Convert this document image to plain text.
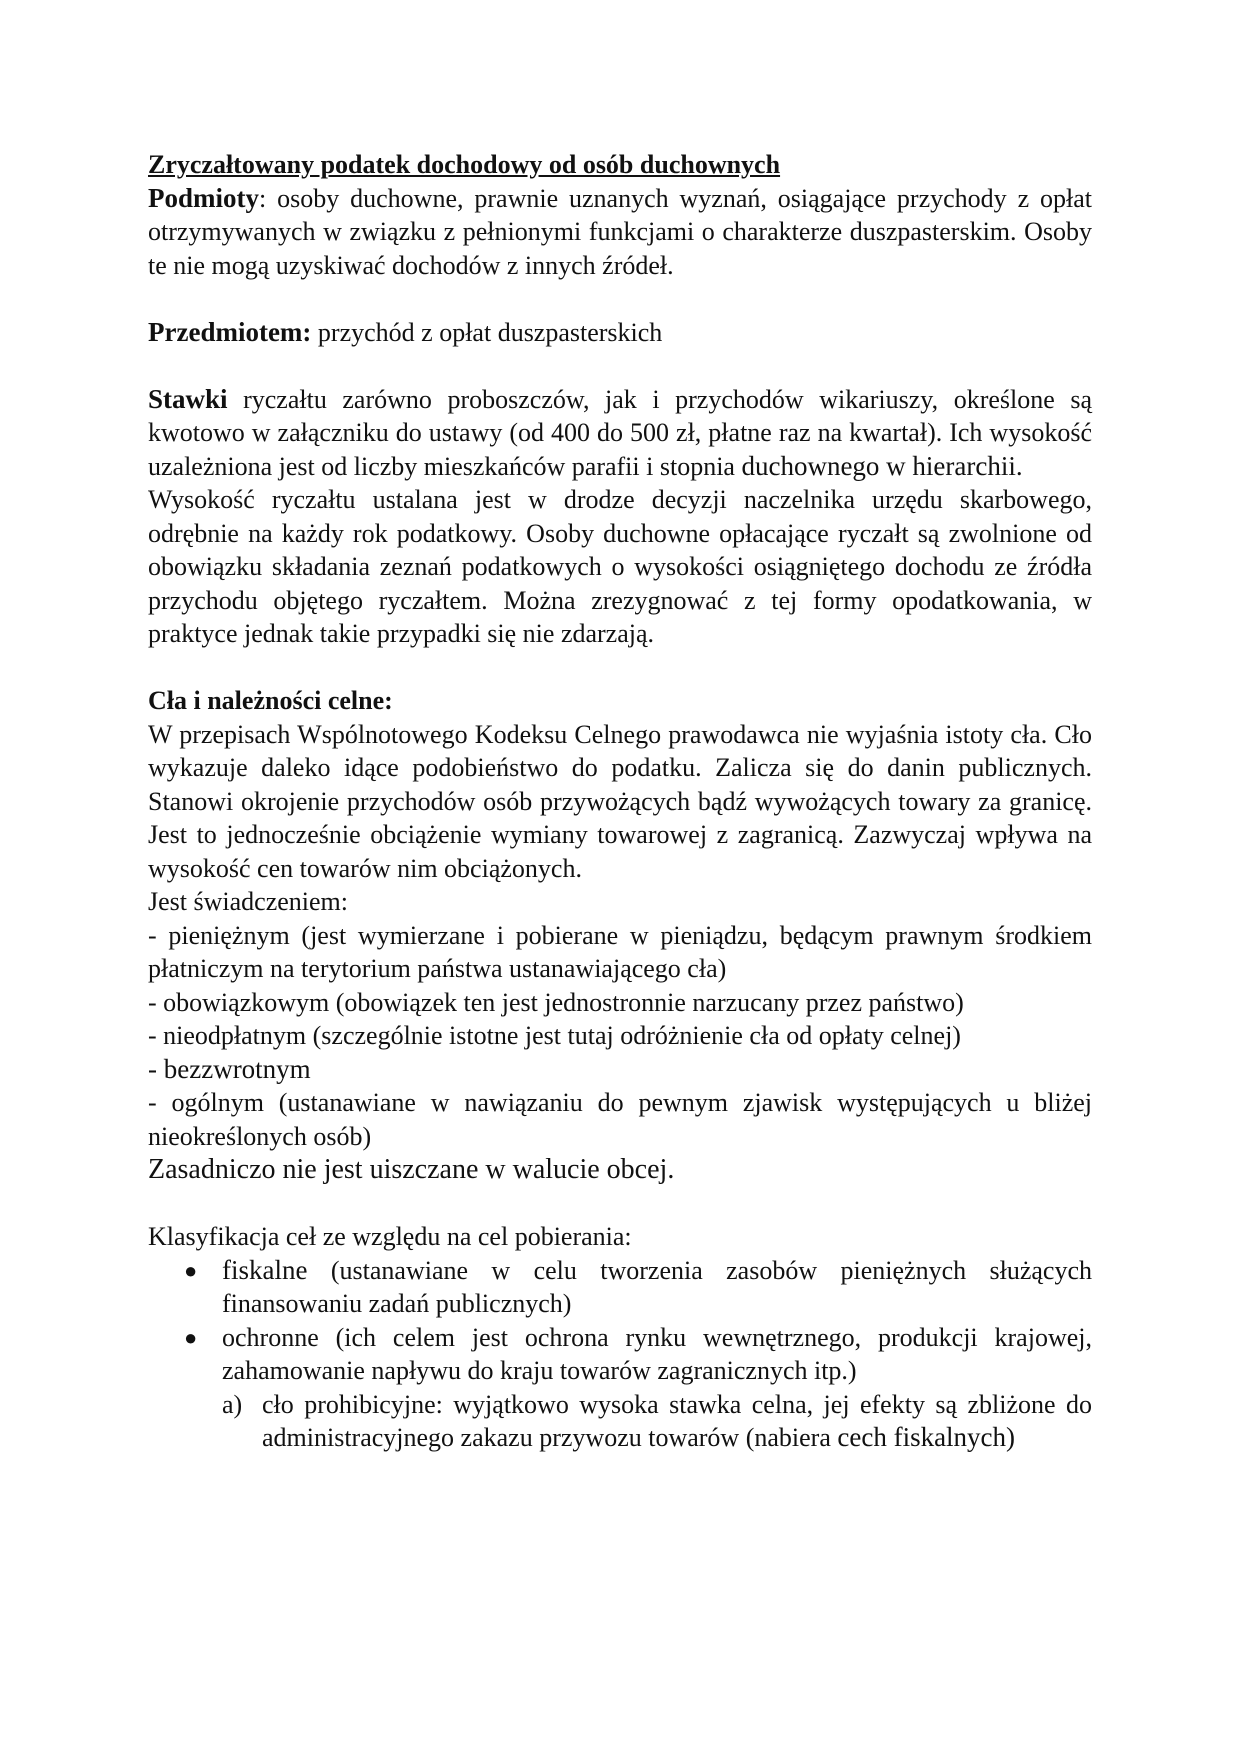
Zryczałtowany podatek dochodowy od osób duchownych

Podmioty: osoby duchowne, prawnie uznanych wyznań, osiągające przychody z opłat otrzymywanych w związku z pełnionymi funkcjami o charakterze duszpasterskim. Osoby te nie mogą uzyskiwać dochodów z innych źródeł.

Przedmiotem: przychód z opłat duszpasterskich

Stawki ryczałtu zarówno proboszczów, jak i przychodów wikariuszy, określone są kwotowo w załączniku do ustawy (od 400 do 500 zł, płatne raz na kwartał). Ich wysokość uzależniona jest od liczby mieszkańców parafii i stopnia duchownego w hierarchii.

Wysokość ryczałtu ustalana jest w drodze decyzji naczelnika urzędu skarbowego, odrębnie na każdy rok podatkowy. Osoby duchowne opłacające ryczałt są zwolnione od obowiązku składania zeznań podatkowych o wysokości osiągniętego dochodu ze źródła przychodu objętego ryczałtem. Można zrezygnować z tej formy opodatkowania, w praktyce jednak takie przypadki się nie zdarzają.

Cła i należności celne:

W przepisach Wspólnotowego Kodeksu Celnego prawodawca nie wyjaśnia istoty cła. Cło wykazuje daleko idące podobieństwo do podatku. Zalicza się do danin publicznych. Stanowi okrojenie przychodów osób przywożących bądź wywożących towary za granicę. Jest to jednocześnie obciążenie wymiany towarowej z zagranicą. Zazwyczaj wpływa na wysokość cen towarów nim obciążonych.

Jest świadczeniem:

- pieniężnym (jest wymierzane i pobierane w pieniądzu, będącym prawnym środkiem płatniczym na terytorium państwa ustanawiającego cła)

- obowiązkowym (obowiązek ten jest jednostronnie narzucany przez państwo)

- nieodpłatnym (szczególnie istotne jest tutaj odróżnienie cła od opłaty celnej)

- bezzwrotnym

- ogólnym (ustanawiane w nawiązaniu do pewnym zjawisk występujących u bliżej nieokreślonych osób)

Zasadniczo nie jest uiszczane w walucie obcej.

Klasyfikacja ceł ze względu na cel pobierania:

● fiskalne (ustanawiane w celu tworzenia zasobów pieniężnych służących finansowaniu zadań publicznych)
● ochronne (ich celem jest ochrona rynku wewnętrznego, produkcji krajowej, zahamowanie napływu do kraju towarów zagranicznych itp.)

a) cło prohibicyjne: wyjątkowo wysoka stawka celna, jej efekty są zbliżone do administracyjnego zakazu przywozu towarów (nabiera cech fiskalnych)
